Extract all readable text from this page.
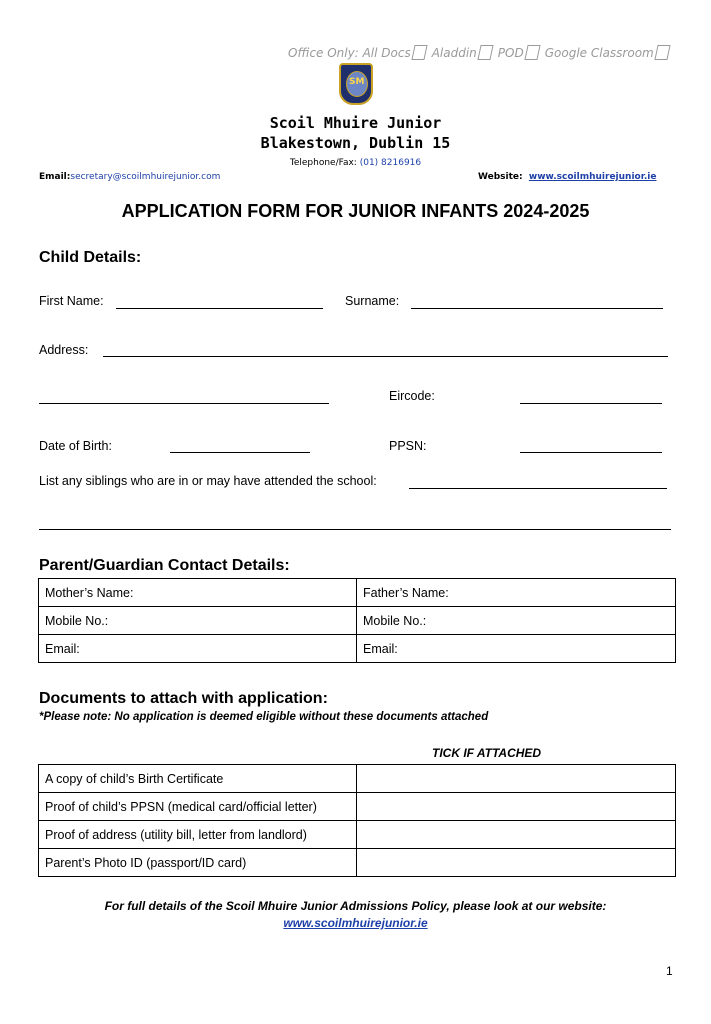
Office Only:
All Docs Aladdin POD Google Classroom
SM
Scoil Mhuire Junior
Blakestown, Dublin 15
Telephone/Fax: (01) 8216916
Email:secretary@scoilmhuirejunior.com	Website: www.scoilmhuirejunior.ie
APPLICATION FORM FOR JUNIOR INFANTS 2024-2025
Child Details:
First Name:	Surname:
Address:
Eircode:
Date of Birth:	PPSN:
List any siblings who are in or may have attended the school:
Parent/Guardian Contact Details:
Mother’s Name:	Father’s Name:
Mobile No.:	Mobile No.:
Email:	Email:
Documents to attach with application:
*Please note: No application is deemed eligible without these documents attached
TICK IF ATTACHED
A copy of child’s Birth Certificate	
Proof of child’s PPSN (medical card/official letter)	
Proof of address (utility bill, letter from landlord)	
Parent’s Photo ID (passport/ID card)	
For full details of the Scoil Mhuire Junior Admissions Policy, please look at our website:
www.scoilmhuirejunior.ie
1
